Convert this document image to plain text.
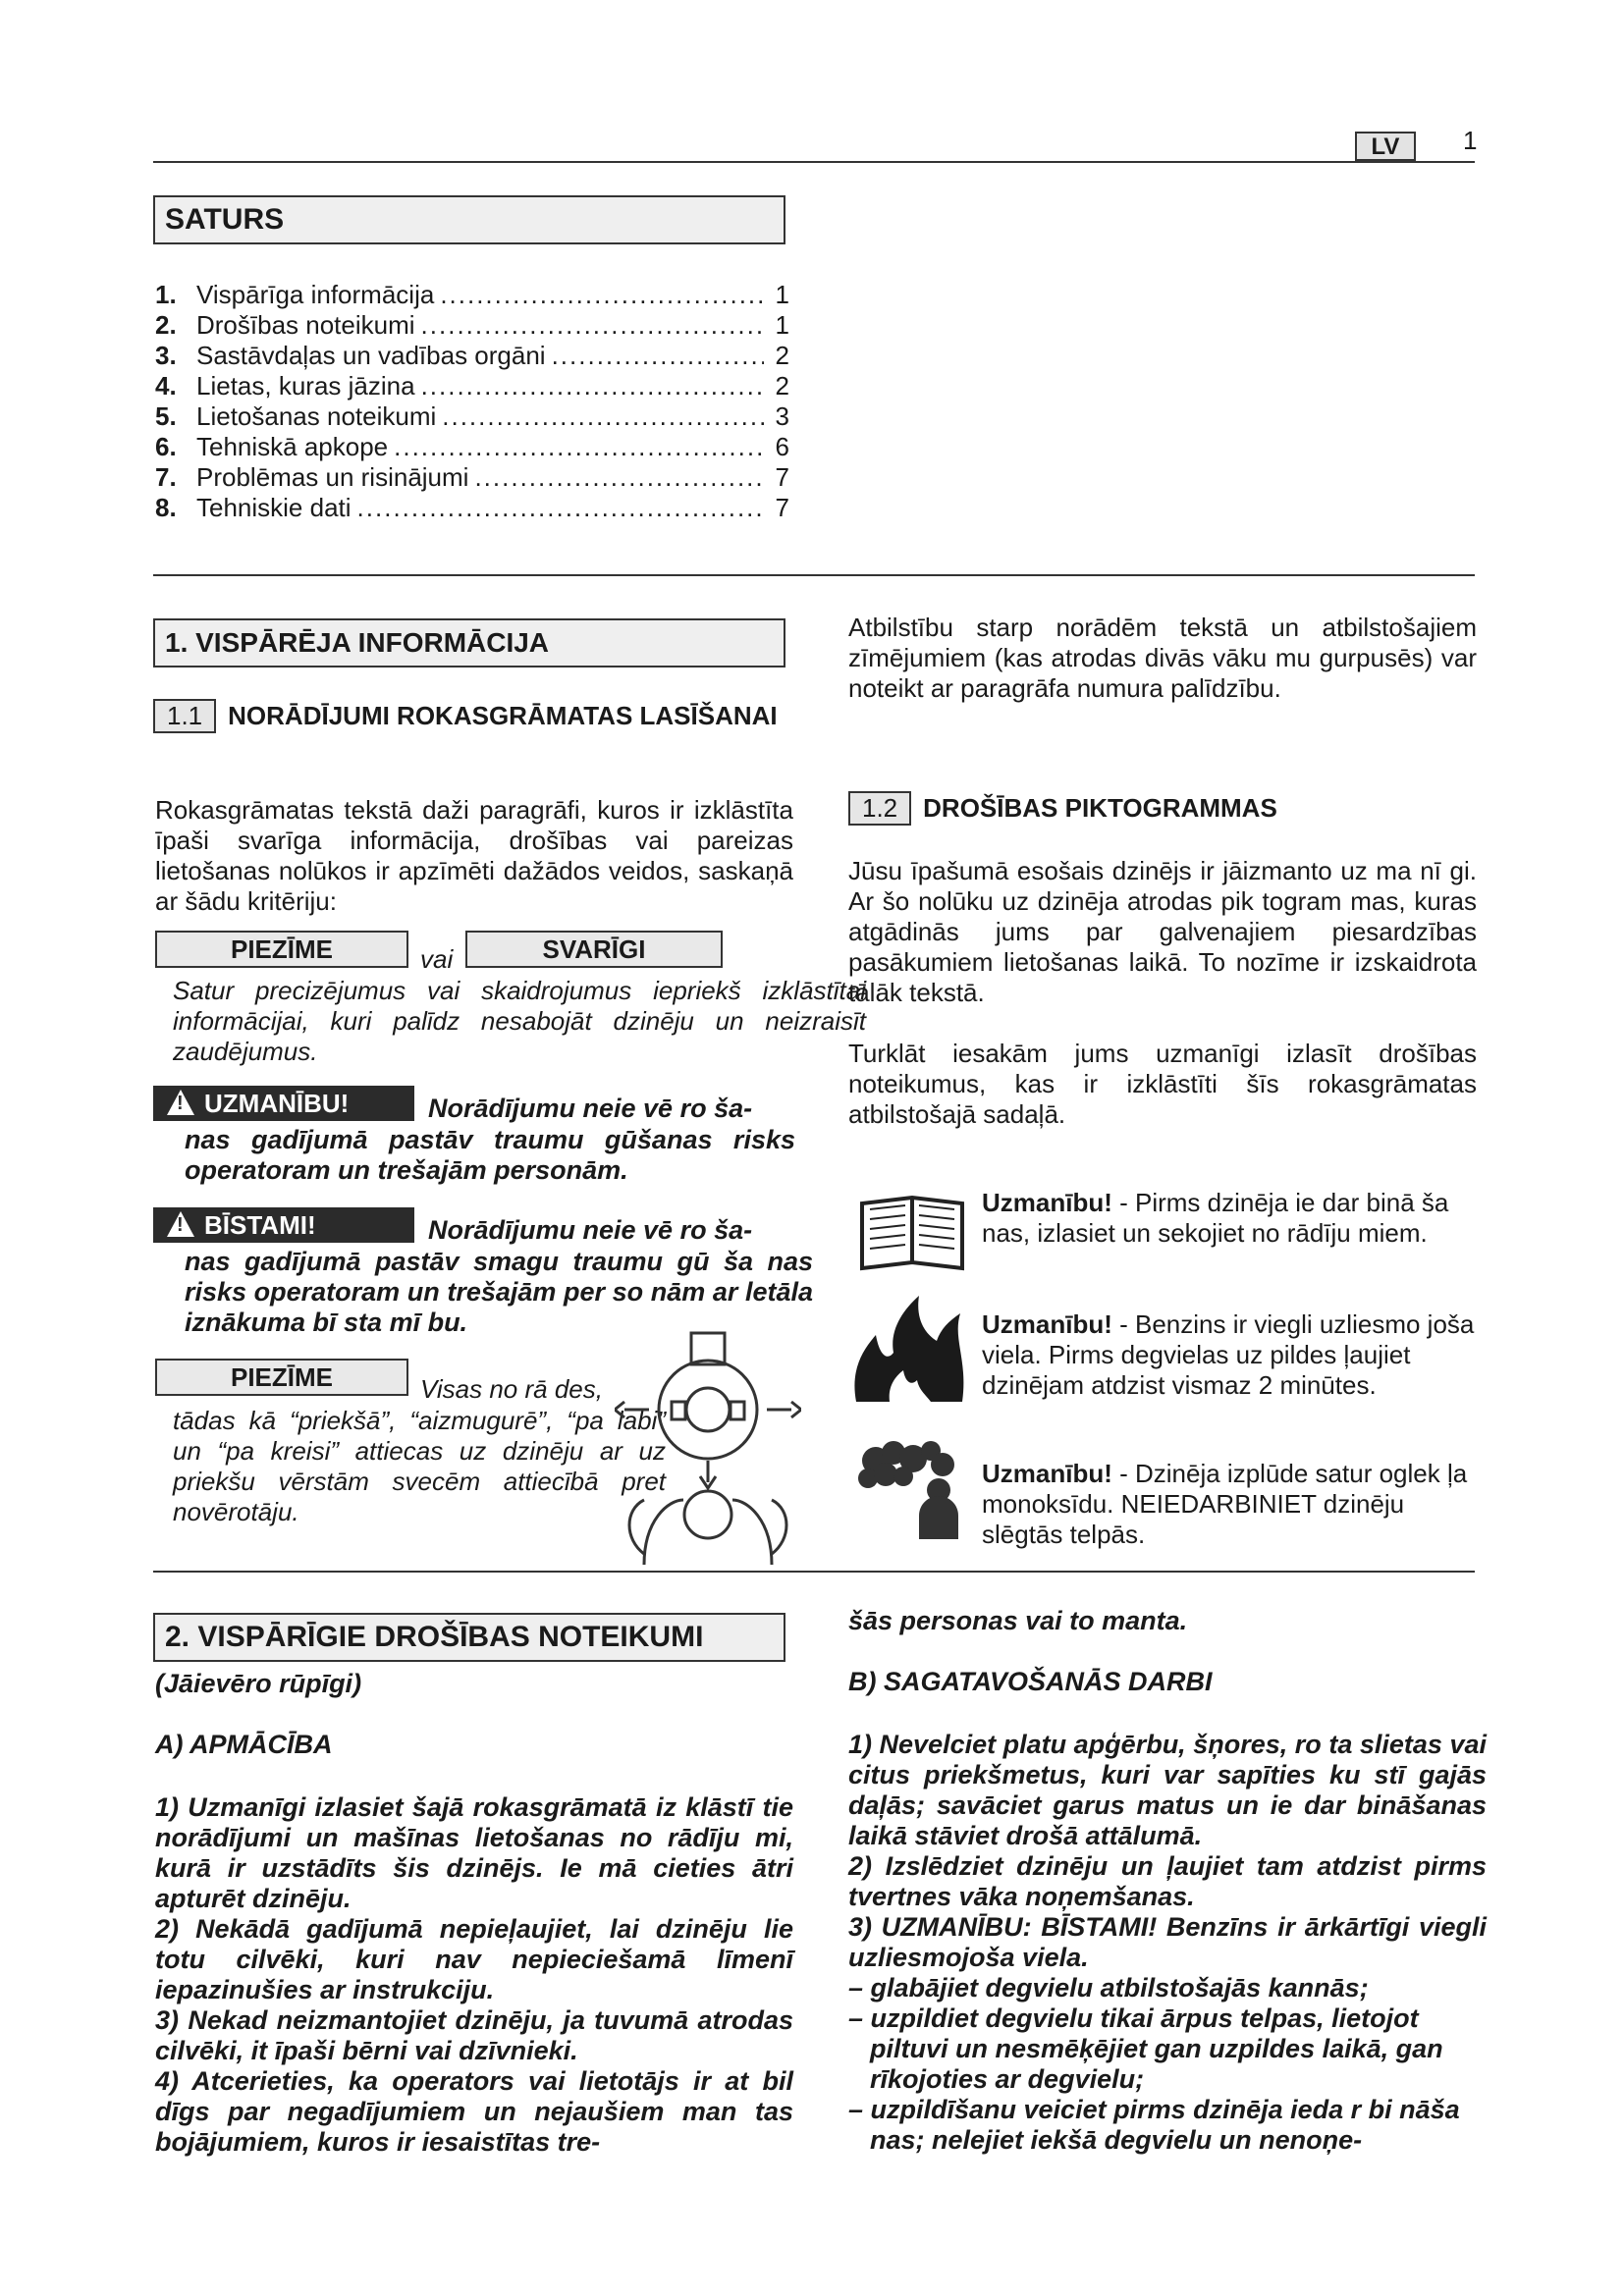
LV	1
SATURS
1. Vispārīga informācija .....	1
2. Drošības noteikumi .....	1
3. Sastāvdaļas un vadības orgāni .....	2
4. Lietas, kuras jāzina .....	2
5. Lietošanas noteikumi .....	3
6. Tehniskā apkope .....	6
7. Problēmas un risinājumi .....	7
8. Tehniskie dati .....	7
1. VISPĀRĒJA INFORMĀCIJA
1.1 NORĀDĪJUMI ROKASGRĀMATAS LASĪŠANAI

Rokasgrāmatas tekstā daži paragrāfi, kuros ir izklāstīta īpaši svarīga informācija, drošības vai pareizas lietošanas nolūkos ir apzīmēti dažādos veidos, saskaņā ar šādu kritēriju:

PIEZĪME	vai	SVARĪGI

Satur precizējumus vai skaidrojumus iepriekš izklāstītai informācijai, kuri palīdz nesabojāt dzinēju un neizraisīt zaudējumus.

!UZMANĪBU!	Norādījumu neie vē ro ša-

nas gadījumā pastāv traumu gūšanas risks operatoram un trešajām personām.

!BĪSTAMI!	Norādījumu neie vē ro ša-

nas gadījumā pastāv smagu traumu gū ša nas risks operatoram un trešajām per so nām ar letāla iznākuma bī sta mī bu.

PIEZĪME	Visas no rā des,

tādas kā “priekšā”, “aizmugurē”, “pa labi” un “pa kreisi” attiecas uz dzinēju ar uz priekšu vērstām svecēm attiecībā pret novērotāju.

Atbilstību starp norādēm tekstā un atbilstošajiem zīmējumiem (kas atrodas divās vāku mu gurpusēs) var noteikt ar paragrāfa numura palīdzību.

1.2 DROŠĪBAS PIKTOGRAMMAS

Jūsu īpašumā esošais dzinējs ir jāizmanto uz ma nī gi. Ar šo nolūku uz dzinēja atrodas pik togram mas, kuras atgādinās jums par galvenajiem piesardzības pasākumiem lietošanas laikā. To nozīme ir izskaidrota tālāk tekstā.

Turklāt iesakām jums uzmanīgi izlasīt drošības noteikumus, kas ir izklāstīti šīs rokasgrāmatas atbilstošajā sadaļā.

Uzmanību! - Pirms dzinēja ie dar binā ša nas, izlasiet un sekojiet no rādīju miem.
Uzmanību! - Benzins ir viegli uzliesmo joša viela. Pirms degvielas uz pildes ļaujiet dzinējam atdzist vismaz 2 minūtes.
Uzmanību! - Dzinēja izplūde satur oglek ļa monoksīdu. NEIEDARBINIET dzinēju slēgtās telpās.
2. VISPĀRĪGIE DROŠĪBAS NOTEIKUMI
(Jāievēro rūpīgi)
A) APMĀCĪBA

1) Uzmanīgi izlasiet šajā rokasgrāmatā iz klāstī tie norādījumi un mašīnas lietošanas no rādīju mi, kurā ir uzstādīts šis dzinējs. Ie mā cieties ātri apturēt dzinēju.

2) Nekādā gadījumā nepieļaujiet, lai dzinēju lie totu cilvēki, kuri nav nepieciešamā līmenī iepazinušies ar instrukciju.

3) Nekad neizmantojiet dzinēju, ja tuvumā atrodas cilvēki, it īpaši bērni vai dzīvnieki.

4) Atcerieties, ka operators vai lietotājs ir at bil dīgs par negadījumiem un nejaušiem man tas bojājumiem, kuros ir iesaistītas tre-

šās personas vai to manta.
B) SAGATAVOŠANĀS DARBI

1) Nevelciet platu apģērbu, šņores, ro ta slietas vai citus priekšmetus, kuri var sapīties ku stī gajās daļās; savāciet garus matus un ie dar bināšanas laikā stāviet drošā attālumā.

2) Izslēdziet dzinēju un ļaujiet tam atdzist pirms tvertnes vāka noņemšanas.

3) UZMANĪBU: BĪSTAMI! Benzīns ir ārkārtīgi viegli uzliesmojoša viela.

– glabājiet degvielu atbilstošajās kannās;

– uzpildiet degvielu tikai ārpus telpas, lietojot piltuvi un nesmēķējiet gan uzpildes laikā, gan rīkojoties ar degvielu;

– uzpildīšanu veiciet pirms dzinēja ieda r bi nāša nas; nelejiet iekšā degvielu un nenoņe-
